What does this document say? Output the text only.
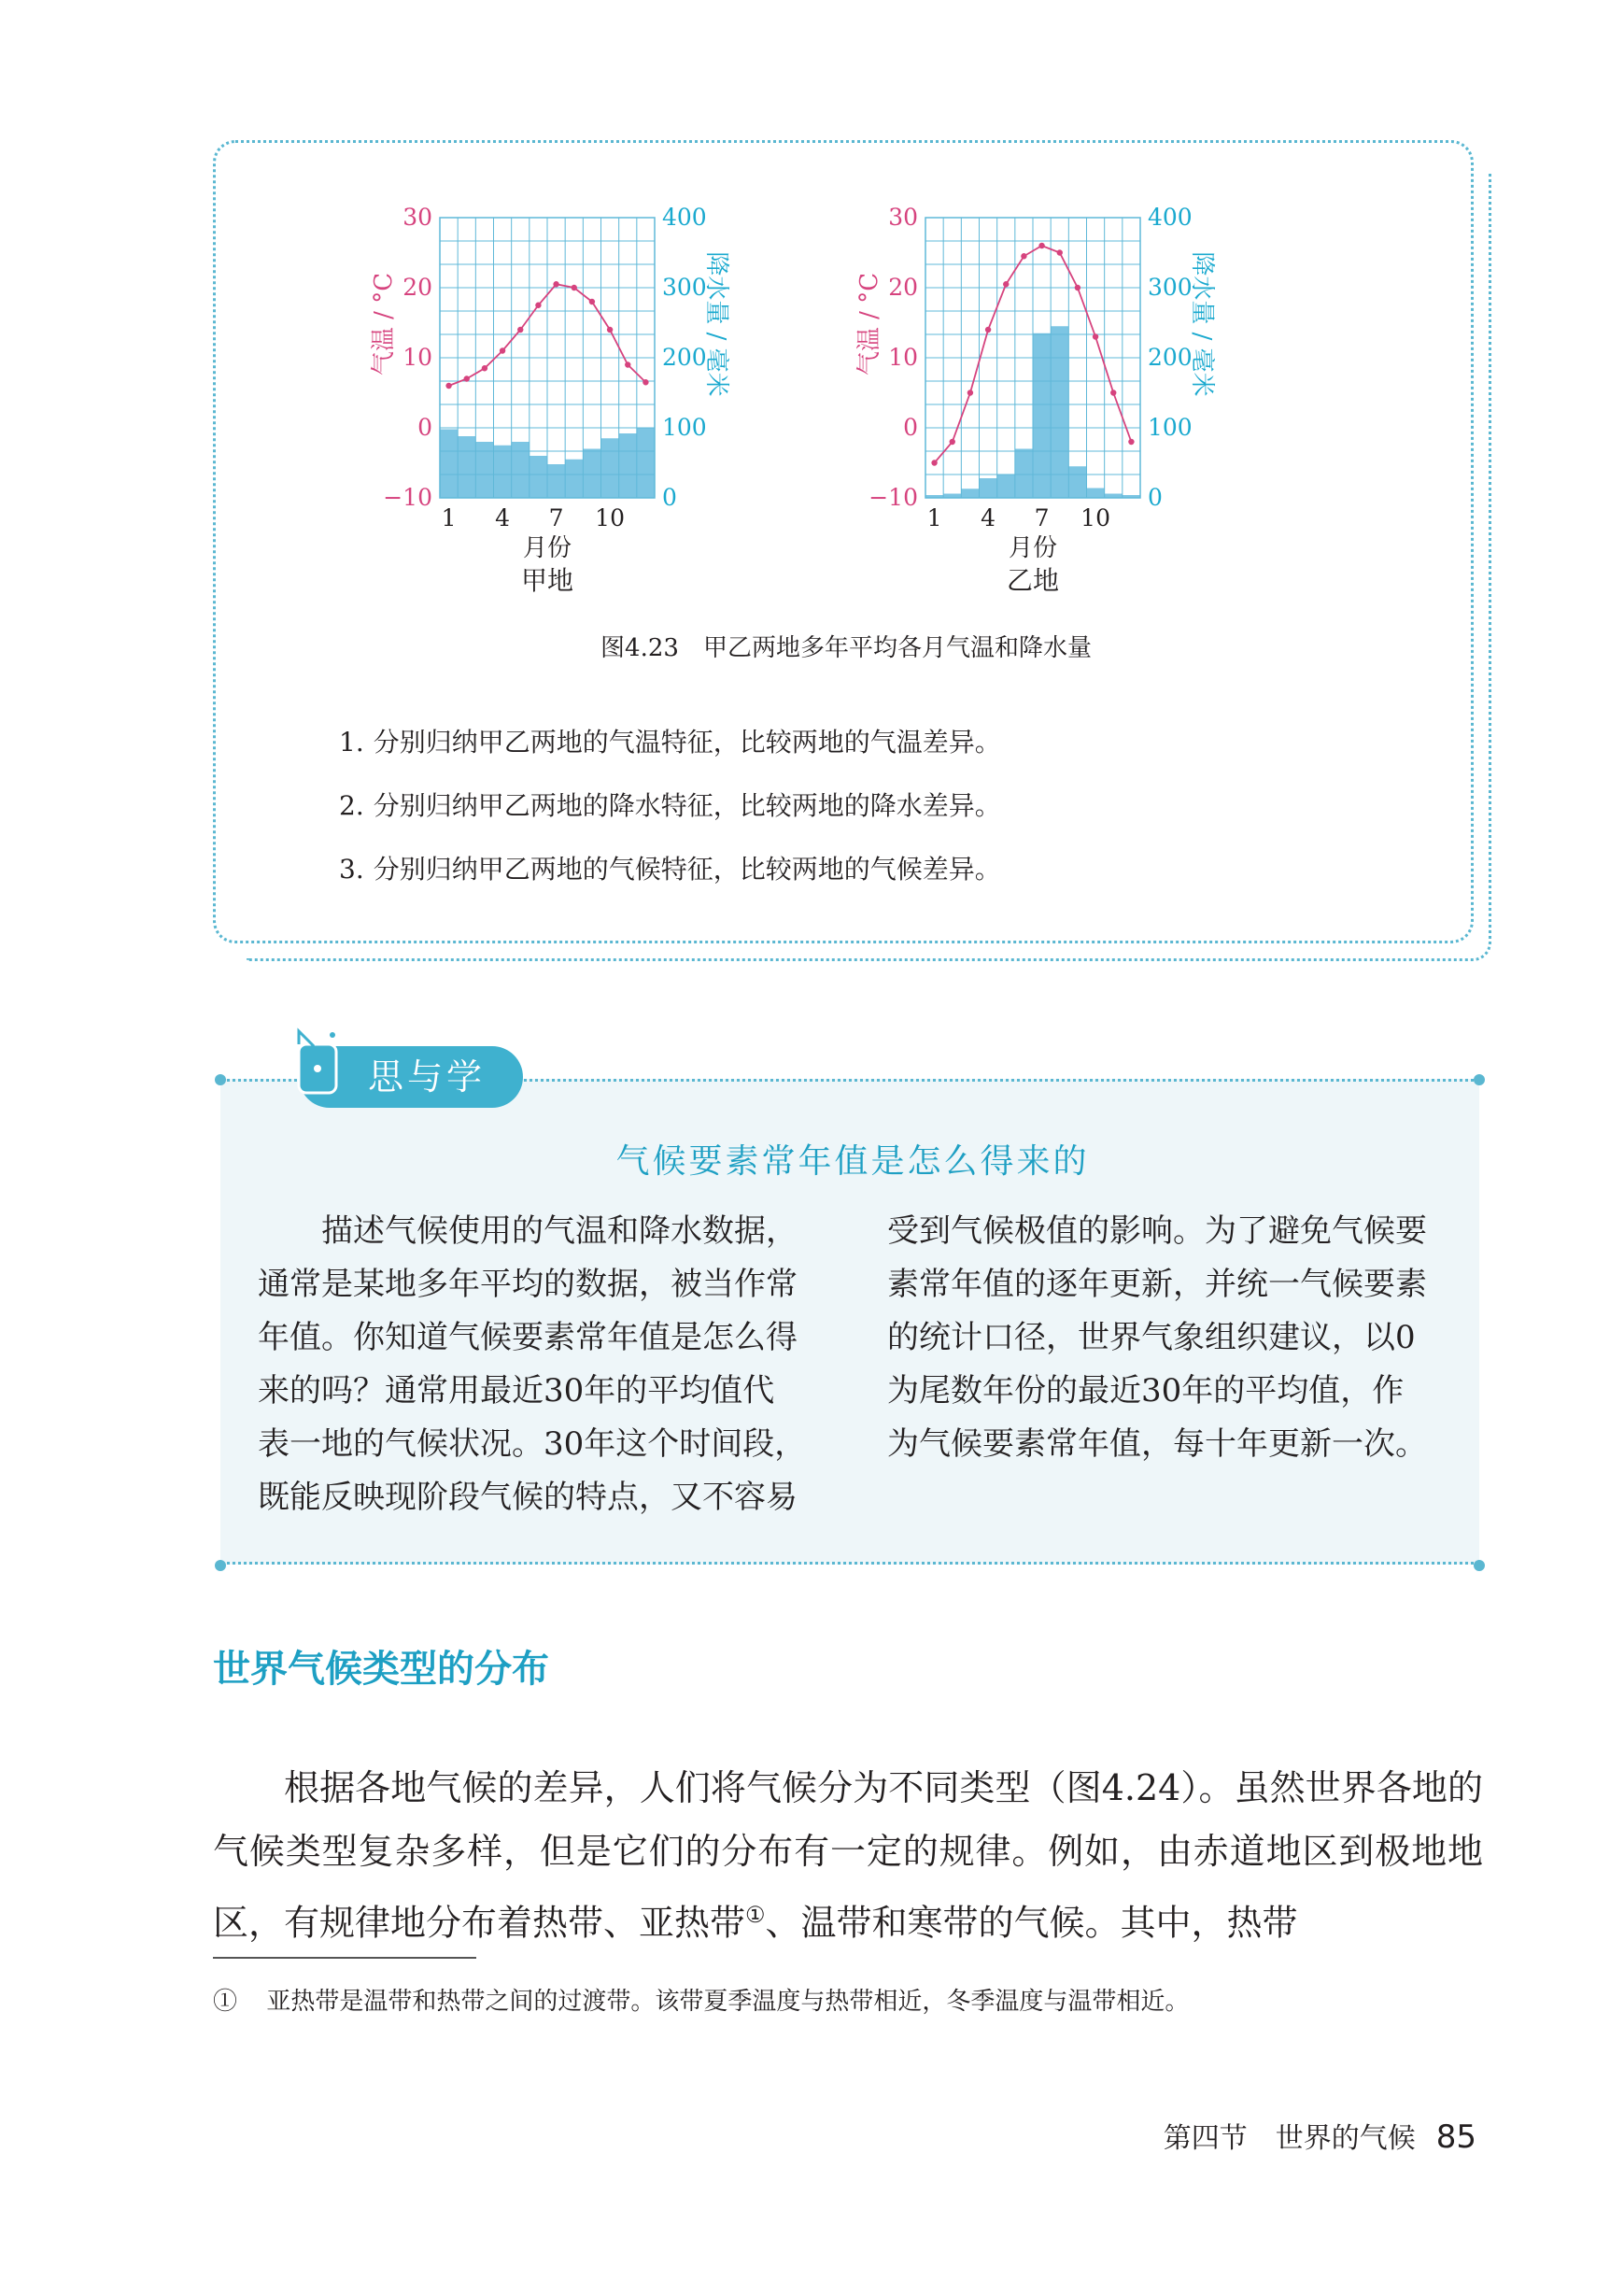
30
20
10
0
−10
400
300
200
100
0
1 4 7 10
月份
甲地
气温 / °C	降水量 / 毫米
30
20
10
0
−10
400
300
200
100
0
1 4 7 10
月份
乙地
气温 / °C	降水量 / 毫米
图4.23　甲乙两地多年平均各月气温和降水量
1. 分别归纳甲乙两地的气温特征，比较两地的气温差异。
2. 分别归纳甲乙两地的降水特征，比较两地的降水差异。
3. 分别归纳甲乙两地的气候特征，比较两地的气候差异。
思与学
气候要素常年值是怎么得来的
　　描述气候使用的气温和降水数据，
通常是某地多年平均的数据，被当作常
年值。你知道气候要素常年值是怎么得
来的吗？通常用最近30年的平均值代
表一地的气候状况。30年这个时间段，
既能反映现阶段气候的特点，又不容易
受到气候极值的影响。为了避免气候要
素常年值的逐年更新，并统一气候要素
的统计口径，世界气象组织建议，以0
为尾数年份的最近30年的平均值，作
为气候要素常年值，每十年更新一次。
世界气候类型的分布

根据各地气候的差异，人们将气候分为不同类型（图4.24）。虽然世界各地的气候类型复杂多样，但是它们的分布有一定的规律。例如，由赤道地区到极地地区，有规律地分布着热带、亚热带①、温带和寒带的气候。其中，热带

① 亚热带是温带和热带之间的过渡带。该带夏季温度与热带相近，冬季温度与温带相近。
第四节　世界的气候 85
